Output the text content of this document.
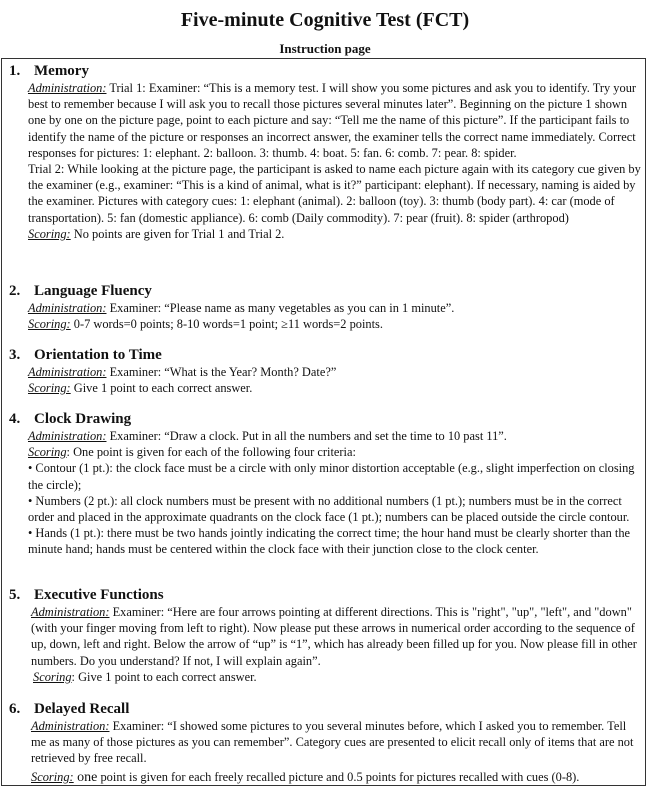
Five-minute Cognitive Test (FCT)
Instruction page
1. Memory
Administration: Trial 1: Examiner: “This is a memory test. I will show you some pictures and ask you to identify. Try your best to remember because I will ask you to recall those pictures several minutes later”. Beginning on the picture 1 shown one by one on the picture page, point to each picture and say: “Tell me the name of this picture”. If the participant fails to identify the name of the picture or responses an incorrect answer, the examiner tells the correct name immediately. Correct responses for pictures: 1: elephant. 2: balloon. 3: thumb. 4: boat. 5: fan. 6: comb. 7: pear. 8: spider.
Trial 2: While looking at the picture page, the participant is asked to name each picture again with its category cue given by the examiner (e.g., examiner: “This is a kind of animal, what is it?” participant: elephant). If necessary, naming is aided by the examiner. Pictures with category cues: 1: elephant (animal). 2: balloon (toy). 3: thumb (body part). 4: car (mode of transportation). 5: fan (domestic appliance). 6: comb (Daily commodity). 7: pear (fruit). 8: spider (arthropod)
Scoring: No points are given for Trial 1 and Trial 2.
2. Language Fluency
Administration: Examiner: “Please name as many vegetables as you can in 1 minute”.
Scoring: 0-7 words=0 points; 8-10 words=1 point; ≥11 words=2 points.
3. Orientation to Time
Administration: Examiner: “What is the Year? Month? Date?”
Scoring: Give 1 point to each correct answer.
4. Clock Drawing
Administration: Examiner: “Draw a clock. Put in all the numbers and set the time to 10 past 11”.
Scoring: One point is given for each of the following four criteria:
• Contour (1 pt.): the clock face must be a circle with only minor distortion acceptable (e.g., slight imperfection on closing the circle);
• Numbers (2 pt.): all clock numbers must be present with no additional numbers (1 pt.); numbers must be in the correct order and placed in the approximate quadrants on the clock face (1 pt.); numbers can be placed outside the circle contour.
• Hands (1 pt.): there must be two hands jointly indicating the correct time; the hour hand must be clearly shorter than the minute hand; hands must be centered within the clock face with their junction close to the clock center.
5. Executive Functions
Administration: Examiner: “Here are four arrows pointing at different directions. This is "right", "up", "left", and "down" (with your finger moving from left to right). Now please put these arrows in numerical order according to the sequence of up, down, left and right. Below the arrow of “up” is “1”, which has already been filled up for you. Now please fill in other numbers. Do you understand? If not, I will explain again”.
Scoring: Give 1 point to each correct answer.
6. Delayed Recall
Administration: Examiner: “I showed some pictures to you several minutes before, which I asked you to remember. Tell me as many of those pictures as you can remember”. Category cues are presented to elicit recall only of items that are not retrieved by free recall.
Scoring: one point is given for each freely recalled picture and 0.5 points for pictures recalled with cues (0-8).
